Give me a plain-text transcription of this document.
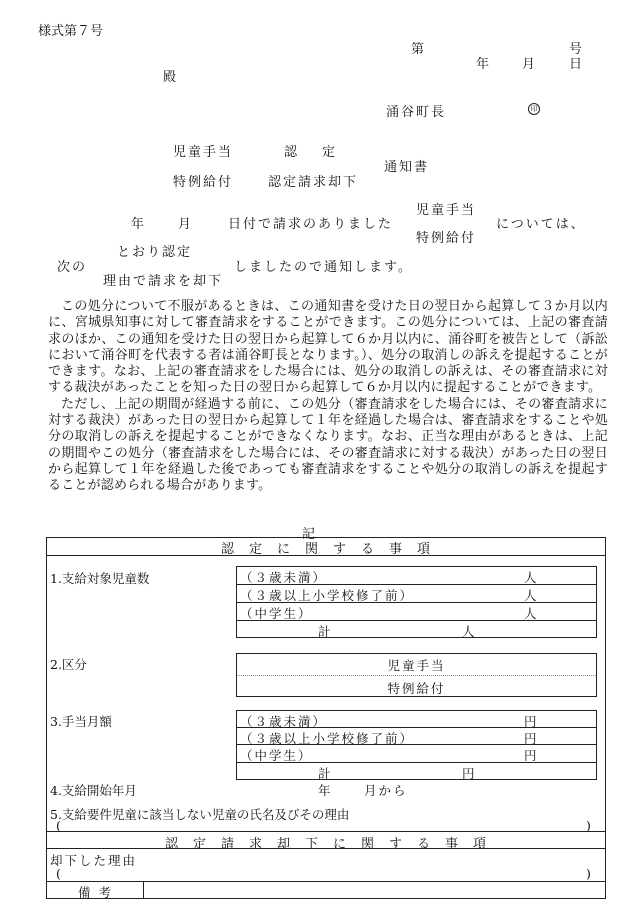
様式第７号
第	号
年	月	日
殿
涌谷町長	印
児童手当	認　定
通知書
特例給付	認定請求却下
児童手当
年	月	日付で請求のありました	については、
特例給付
とおり認定
次の	しましたので通知します。
理由で請求を却下

この処分について不服があるときは、この通知書を受けた日の翌日から起算して３か月以内に、宮城県知事に対して審査請求をすることができます。この処分については、上記の審査請求のほか、この通知を受けた日の翌日から起算して６か月以内に、涌谷町を被告として（訴訟において涌谷町を代表する者は涌谷町長となります。）、処分の取消しの訴えを提起することができます。なお、上記の審査請求をした場合には、処分の取消しの訴えは、その審査請求に対する裁決があったことを知った日の翌日から起算して６か月以内に提起することができます。

ただし、上記の期間が経過する前に、この処分（審査請求をした場合には、その審査請求に対する裁決）があった日の翌日から起算して１年を経過した場合は、審査請求をすることや処分の取消しの訴えを提起することができなくなります。なお、正当な理由があるときは、上記の期間やこの処分（審査請求をした場合には、その審査請求に対する裁決）があった日の翌日から起算して１年を経過した後であっても審査請求をすることや処分の取消しの訴えを提起することが認められる場合があります。

記
認　定　に　関　す　る　事　項
1.支給対象児童数	（３歳未満）	人
（３歳以上小学校修了前）	人
（中学生）	人
計	人
2.区分	児童手当
特例給付
3.手当月額	（３歳未満）	円
（３歳以上小学校修了前）	円
（中学生）	円
計	円
4.支給開始年月	年	月から
5.支給要件児童に該当しない児童の氏名及びその理由
(	)
認　定　請　求　却　下　に　関　す　る　事　項
却下した理由
(	)
備考
